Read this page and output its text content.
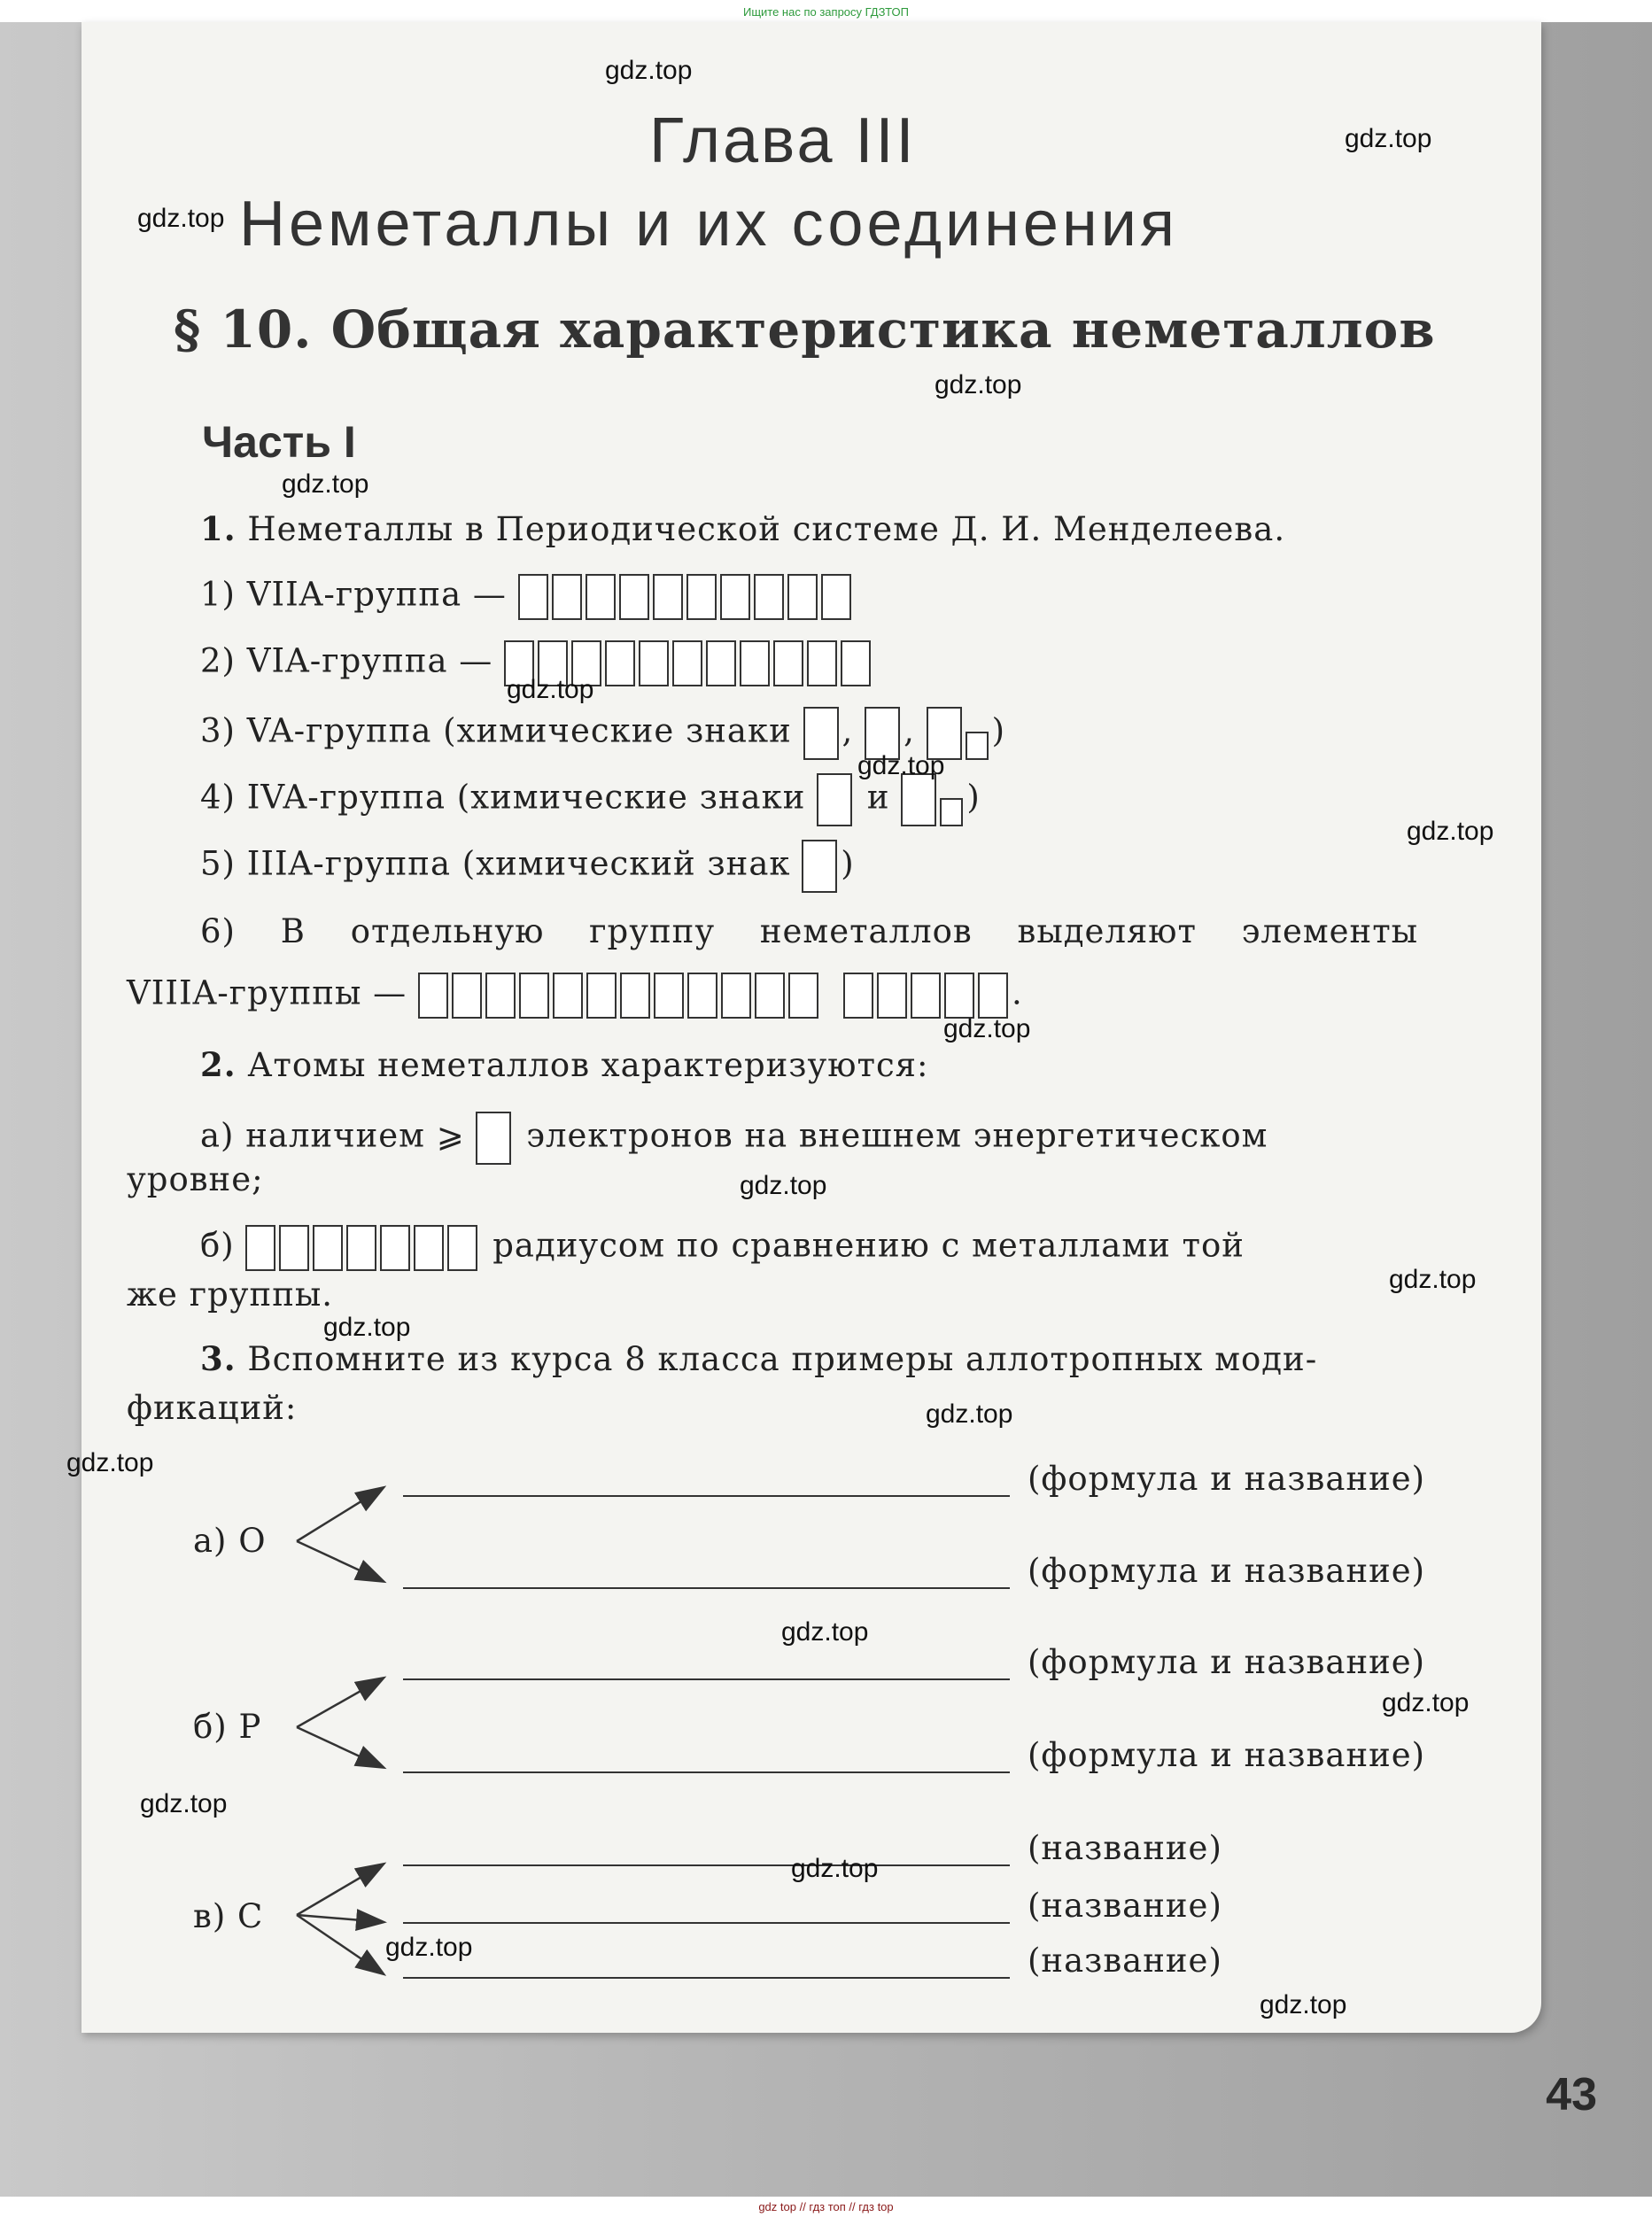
Ищите нас по запросу ГДЗТОП
Глава III
Неметаллы и их соединения
§ 10. Общая характеристика неметаллов
Часть I
1. Неметаллы в Периодической системе Д. И. Менделеева.
1) VIIA-группа —
2) VIA-группа —
3) VA-группа (химические знаки , , )
4) IVA-группа (химические знаки и )
5) IIIA-группа (химический знак )
6) В отдельную группу неметаллов выделяют элементы
VIIIA-группы —	.
2. Атомы неметаллов характеризуются:
а) наличием ⩾ электронов на внешнем энергетическом
уровне;
б)	радиусом по сравнению с металлами той
же группы.
3. Вспомните из курса 8 класса примеры аллотропных моди-
фикаций:
а) О
б) Р
в) С
(формула и название)
(формула и название)
(формула и название)
(формула и название)
(название)
(название)
(название)
43
gdz.top
gdz.top
gdz.top
gdz.top
gdz.top
gdz.top
gdz.top
gdz.top
gdz.top
gdz.top
gdz.top
gdz.top
gdz.top
gdz.top
gdz.top
gdz.top
gdz.top
gdz.top
gdz.top
gdz.top
gdz top // гдз топ // гдз top
